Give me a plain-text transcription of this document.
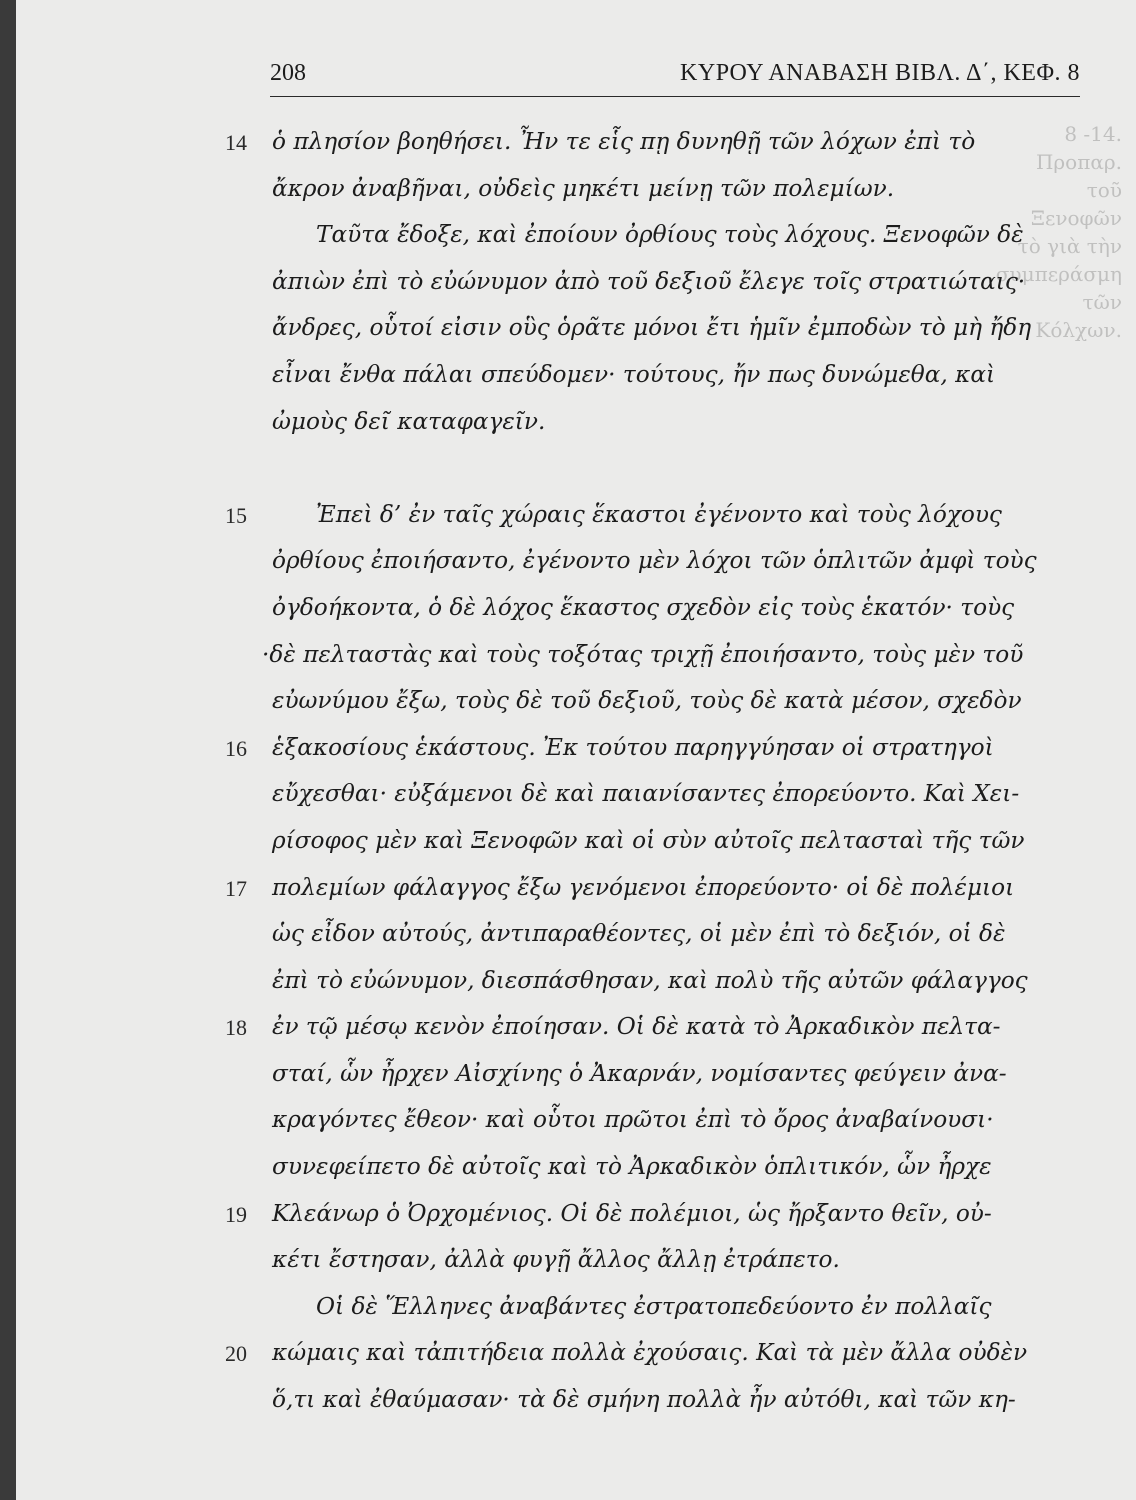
8 -14.
Προπαρ.
τοῦ Ξενοφῶν
τὸ γιὰ τὴν
συμπεράσμη
τῶν Κόλχων.
208	ΚΥΡΟΥ ΑΝΑΒΑΣΗ ΒΙΒΛ. Δ΄, ΚΕΦ. 8
14	ὁ πλησίον βοηθήσει. Ἦν τε εἷς πῃ δυνηθῇ τῶν λόχων ἐπὶ τὸ
ἄκρον ἀναβῆναι, οὐδεὶς μηκέτι μείνῃ τῶν πολεμίων.
Ταῦτα ἔδοξε, καὶ ἐποίουν ὀρθίους τοὺς λόχους. Ξενοφῶν δὲ
ἀπιὼν ἐπὶ τὸ εὐώνυμον ἀπὸ τοῦ δεξιοῦ ἔλεγε τοῖς στρατιώταις·
ἄνδρες, οὗτοί εἰσιν οὓς ὁρᾶτε μόνοι ἔτι ἡμῖν ἐμποδὼν τὸ μὴ ἤδη
εἶναι ἔνθα πάλαι σπεύδομεν· τούτους, ἤν πως δυνώμεθα, καὶ
ὠμοὺς δεῖ καταφαγεῖν.
15	Ἐπεὶ δ’ ἐν ταῖς χώραις ἕκαστοι ἐγένοντο καὶ τοὺς λόχους
ὀρθίους ἐποιήσαντο, ἐγένοντο μὲν λόχοι τῶν ὁπλιτῶν ἀμφὶ τοὺς
ὀγδοήκοντα, ὁ δὲ λόχος ἕκαστος σχεδὸν εἰς τοὺς ἑκατόν· τοὺς
·δὲ πελταστὰς καὶ τοὺς τοξότας τριχῇ ἐποιήσαντο, τοὺς μὲν τοῦ
εὐωνύμου ἔξω, τοὺς δὲ τοῦ δεξιοῦ, τοὺς δὲ κατὰ μέσον, σχεδὸν
16	ἑξακοσίους ἑκάστους. Ἐκ τούτου παρηγγύησαν οἱ στρατηγοὶ
εὔχεσθαι· εὐξάμενοι δὲ καὶ παιανίσαντες ἐπορεύοντο. Καὶ Χει-
ρίσοφος μὲν καὶ Ξενοφῶν καὶ οἱ σὺν αὐτοῖς πελτασταὶ τῆς τῶν
17	πολεμίων φάλαγγος ἔξω γενόμενοι ἐπορεύοντο· οἱ δὲ πολέμιοι
ὡς εἶδον αὐτούς, ἀντιπαραθέοντες, οἱ μὲν ἐπὶ τὸ δεξιόν, οἱ δὲ
ἐπὶ τὸ εὐώνυμον, διεσπάσθησαν, καὶ πολὺ τῆς αὐτῶν φάλαγγος
18	ἐν τῷ μέσῳ κενὸν ἐποίησαν. Οἱ δὲ κατὰ τὸ Ἀρκαδικὸν πελτα-
σταί, ὧν ἦρχεν Αἰσχίνης ὁ Ἀκαρνάν, νομίσαντες φεύγειν ἀνα-
κραγόντες ἔθεον· καὶ οὗτοι πρῶτοι ἐπὶ τὸ ὄρος ἀναβαίνουσι·
συνεφείπετο δὲ αὐτοῖς καὶ τὸ Ἀρκαδικὸν ὁπλιτικόν, ὧν ἦρχε
19	Κλεάνωρ ὁ Ὀρχομένιος. Οἱ δὲ πολέμιοι, ὡς ἤρξαντο θεῖν, οὐ-
κέτι ἔστησαν, ἀλλὰ φυγῇ ἄλλος ἄλλῃ ἐτράπετο.
Οἱ δὲ Ἕλληνες ἀναβάντες ἐστρατοπεδεύοντο ἐν πολλαῖς
20	κώμαις καὶ τἀπιτήδεια πολλὰ ἐχούσαις. Καὶ τὰ μὲν ἄλλα οὐδὲν
ὅ,τι καὶ ἐθαύμασαν· τὰ δὲ σμήνη πολλὰ ἦν αὐτόθι, καὶ τῶν κη-
